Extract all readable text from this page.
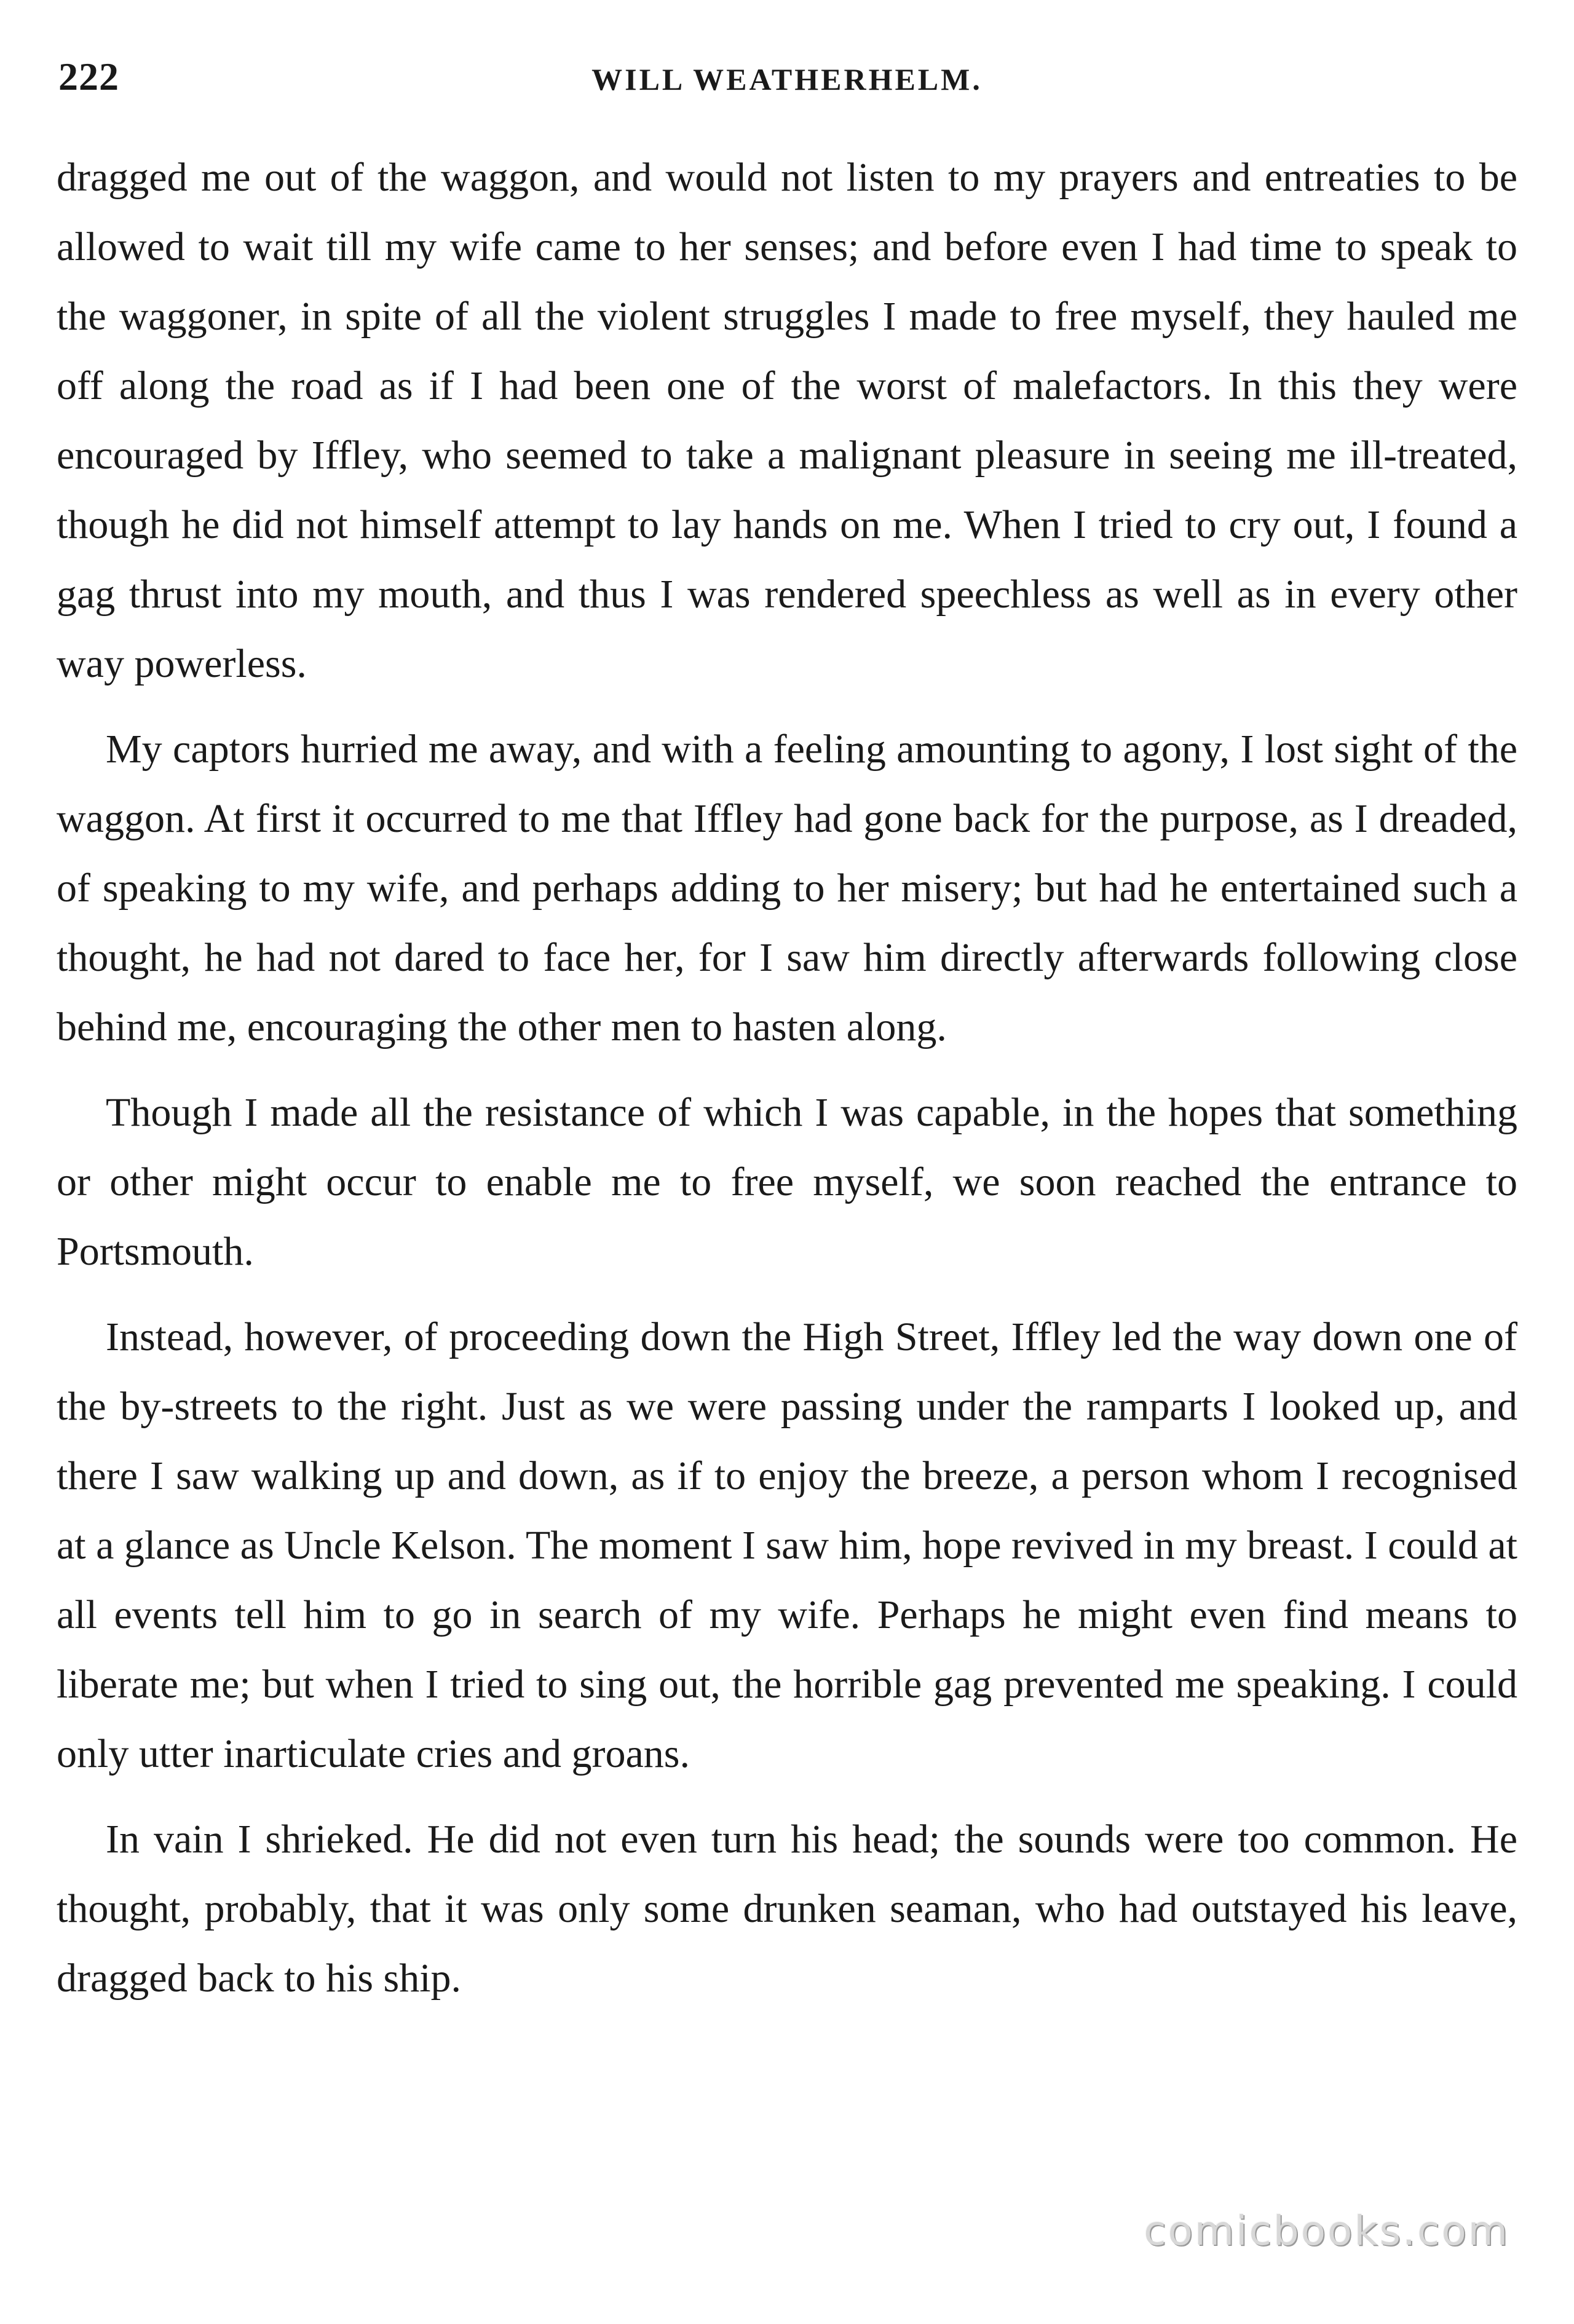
222	WILL WEATHERHELM.

dragged me out of the waggon, and would not listen to my prayers and entreaties to be allowed to wait till my wife came to her senses; and before even I had time to speak to the waggoner, in spite of all the violent struggles I made to free myself, they hauled me off along the road as if I had been one of the worst of malefactors. In this they were encouraged by Iffley, who seemed to take a malignant pleasure in seeing me ill-treated, though he did not himself attempt to lay hands on me. When I tried to cry out, I found a gag thrust into my mouth, and thus I was rendered speechless as well as in every other way powerless.

My captors hurried me away, and with a feeling amounting to agony, I lost sight of the waggon. At first it occurred to me that Iffley had gone back for the purpose, as I dreaded, of speaking to my wife, and perhaps adding to her misery; but had he entertained such a thought, he had not dared to face her, for I saw him directly afterwards following close behind me, encouraging the other men to hasten along.

Though I made all the resistance of which I was capable, in the hopes that something or other might occur to enable me to free myself, we soon reached the entrance to Portsmouth.

Instead, however, of proceeding down the High Street, Iffley led the way down one of the by-streets to the right. Just as we were passing under the ramparts I looked up, and there I saw walking up and down, as if to enjoy the breeze, a person whom I recognised at a glance as Uncle Kelson. The moment I saw him, hope revived in my breast. I could at all events tell him to go in search of my wife. Perhaps he might even find means to liberate me; but when I tried to sing out, the horrible gag prevented me speaking. I could only utter inarticulate cries and groans.

In vain I shrieked. He did not even turn his head; the sounds were too common. He thought, probably, that it was only some drunken seaman, who had outstayed his leave, dragged back to his ship.

comicbooks.com
